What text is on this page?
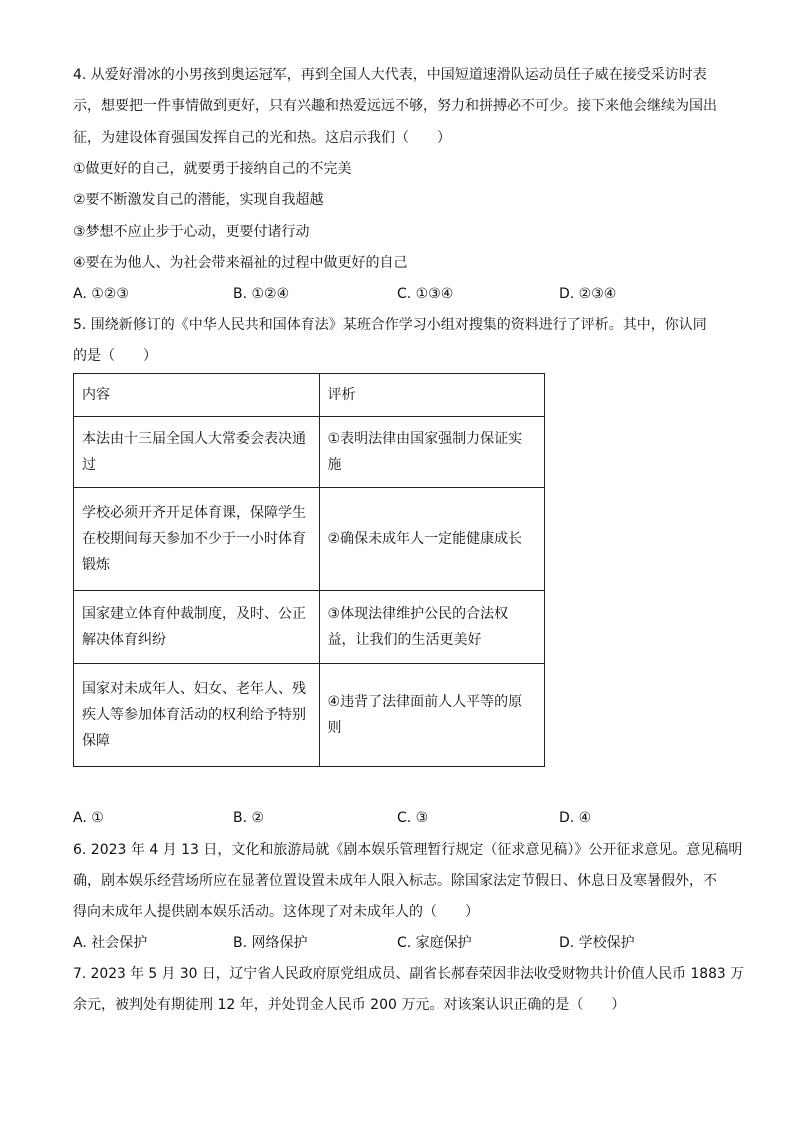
4. 从爱好滑冰的小男孩到奥运冠军，再到全国人大代表，中国短道速滑队运动员任子威在接受采访时表
示，想要把一件事情做到更好，只有兴趣和热爱远远不够，努力和拼搏必不可少。接下来他会继续为国出
征，为建设体育强国发挥自己的光和热。这启示我们（　　）
①做更好的自己，就要勇于接纳自己的不完美
②要不断激发自己的潜能，实现自我超越
③梦想不应止步于心动，更要付诸行动
④要在为他人、为社会带来福祉的过程中做更好的自己
A. ①②③	B. ①②④	C. ①③④	D. ②③④
5. 围绕新修订的《中华人民共和国体育法》某班合作学习小组对搜集的资料进行了评析。其中，你认同
的是（　　）
内容	评析
本法由十三届全国人大常委会表决通过	①表明法律由国家强制力保证实施
学校必须开齐开足体育课，保障学生在校期间每天参加不少于一小时体育锻炼	②确保未成年人一定能健康成长
国家建立体育仲裁制度，及时、公正解决体育纠纷	③体现法律维护公民的合法权益，让我们的生活更美好
国家对未成年人、妇女、老年人、残疾人等参加体育活动的权利给予特别保障	④违背了法律面前人人平等的原则
A. ①	B. ②	C. ③	D. ④
6. 2023 年 4 月 13 日，文化和旅游局就《剧本娱乐管理暂行规定（征求意见稿）》公开征求意见。意见稿明
确，剧本娱乐经营场所应在显著位置设置未成年人限入标志。除国家法定节假日、休息日及寒暑假外，不
得向未成年人提供剧本娱乐活动。这体现了对未成年人的（　　）
A. 社会保护	B. 网络保护	C. 家庭保护	D. 学校保护
7. 2023 年 5 月 30 日，辽宁省人民政府原党组成员、副省长郝春荣因非法收受财物共计价值人民币 1883 万
余元，被判处有期徒刑 12 年，并处罚金人民币 200 万元。对该案认识正确的是（　　）
